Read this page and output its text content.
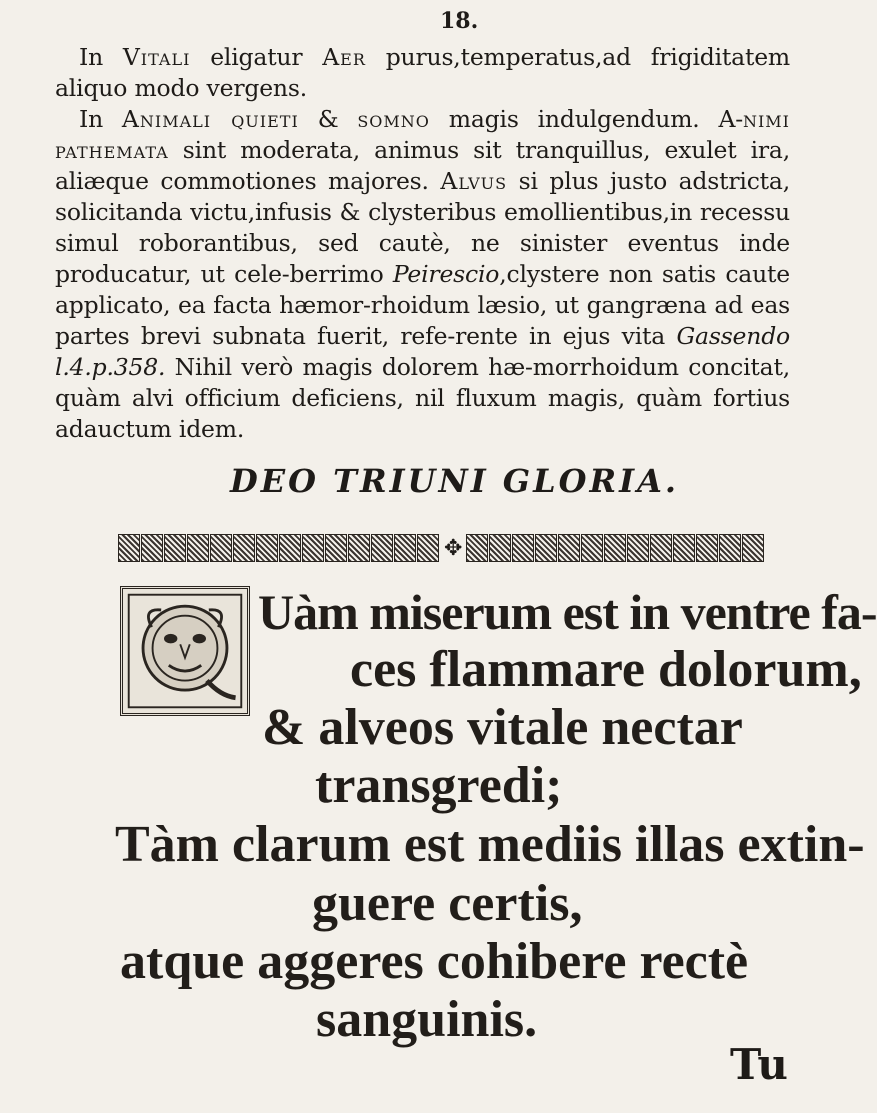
18.

In Vitali eligatur Aer purus,temperatus,ad frigiditatem aliquo modo vergens.

In Animali quieti & somno magis indulgendum. A-nimi pathemata sint moderata, animus sit tranquillus, exulet ira, aliæque commotiones majores. Alvus si plus justo adstricta, solicitanda victu,infusis & clysteribus emollientibus,in recessu simul roborantibus, sed cautè, ne sinister eventus inde producatur, ut cele-berrimo Peirescio,clystere non satis caute applicato, ea facta hæmor-rhoidum læsio, ut gangræna ad eas partes brevi subnata fuerit, refe-rente in ejus vita Gassendo l.4.p.358. Nihil verò magis dolorem hæ-morrhoidum concitat, quàm alvi officium deficiens, nil fluxum magis, quàm fortius adauctum idem.

DEO TRIUNI GLORIA.
✥
Uàm miserum est in ventre fa-
ces flammare dolorum,
& alveos vitale nectar
transgredi;
Tàm clarum est mediis illas extin-
guere certis,
atque aggeres cohibere rectè
sanguinis.
Tu
